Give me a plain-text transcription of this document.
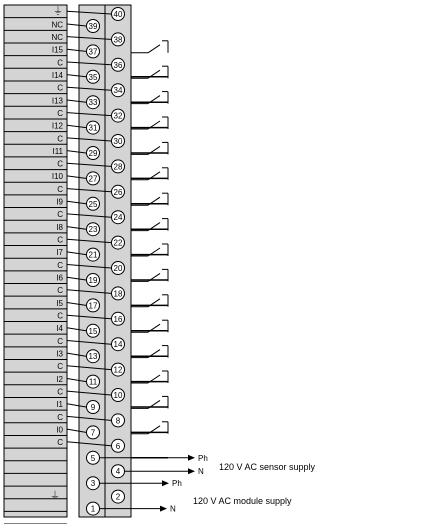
⏚
NC
NC
I15
C
I14
C
I13
C
I12
C
I11
C
I10
C
I9
C
I8
C
I7
C
I6
C
I5
C
I4
C
I3
C
I2
C
I1
C
I0
C
Ph
N
Ph
N
39
37
35
33
31
29
27
25
23
21
19
17
15
13
11
9
7
5
3
1
40
38
36
34
32
30
28
26
24
22
20
18
16
14
12
10
8
6
4
2
⏚
120 V AC sensor supply
120 V AC module supply
